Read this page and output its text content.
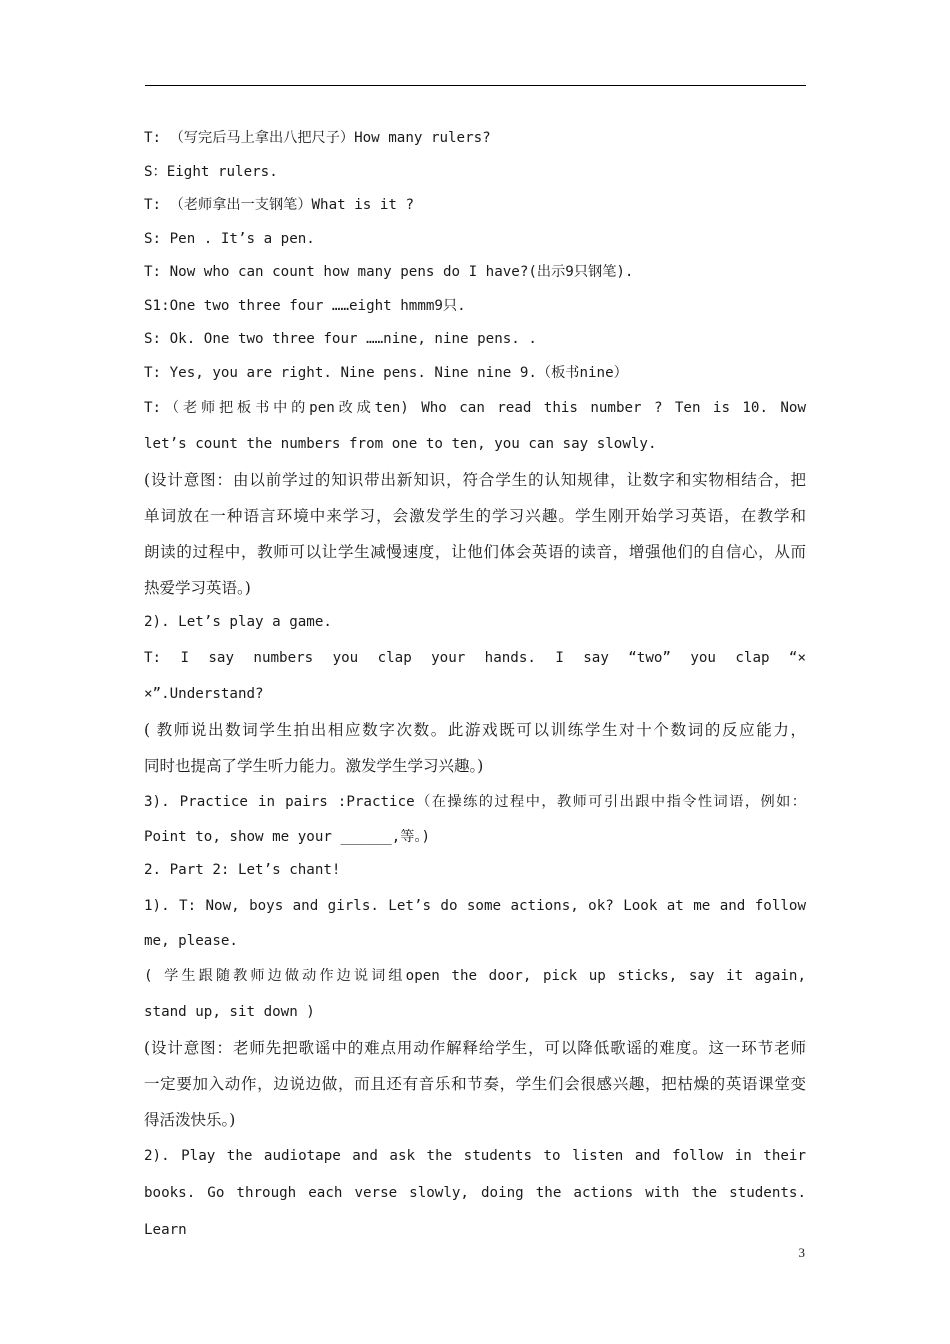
T: （写完后马上拿出八把尺子）How many rulers?
S：Eight rulers.
T: （老师拿出一支钢笔）What is it ?
S: Pen . It’s a pen.
T: Now who can count how many pens do I have?(出示9只钢笔).
S1:One two three four ……eight hmmm9只.
S: Ok. One two three four ……nine, nine pens. .
T: Yes, you are right. Nine pens. Nine nine 9.（板书nine）
T:（老师把板书中的pen改成ten) Who can read this number ? Ten is 10. Now
let’s count the numbers from one to ten, you can say slowly.
(设计意图：由以前学过的知识带出新知识，符合学生的认知规律，让数字和实物相结合，把
单词放在一种语言环境中来学习，会激发学生的学习兴趣。学生刚开始学习英语，在教学和
朗读的过程中，教师可以让学生减慢速度，让他们体会英语的读音，增强他们的自信心，从而
热爱学习英语。)
2). Let’s play a game.
T: I say numbers you clap your hands. I say “two” you clap “×
×”.Understand?
( 教师说出数词学生拍出相应数字次数。此游戏既可以训练学生对十个数词的反应能力，
同时也提高了学生听力能力。激发学生学习兴趣。)
3). Practice in pairs :Practice（在操练的过程中，教师可引出跟中指令性词语，例如：
Point to, show me your ______,等。)
2. Part 2: Let’s chant!
1). T: Now, boys and girls. Let’s do some actions, ok? Look at me and follow
me, please.
( 学生跟随教师边做动作边说词组open the door, pick up sticks, say it again,
stand up, sit down )
(设计意图：老师先把歌谣中的难点用动作解释给学生，可以降低歌谣的难度。这一环节老师
一定要加入动作，边说边做，而且还有音乐和节奏，学生们会很感兴趣，把枯燥的英语课堂变
得活泼快乐。)
2). Play the audiotape and ask the students to listen and follow in their
books. Go through each verse slowly, doing the actions with the students. Learn
3
